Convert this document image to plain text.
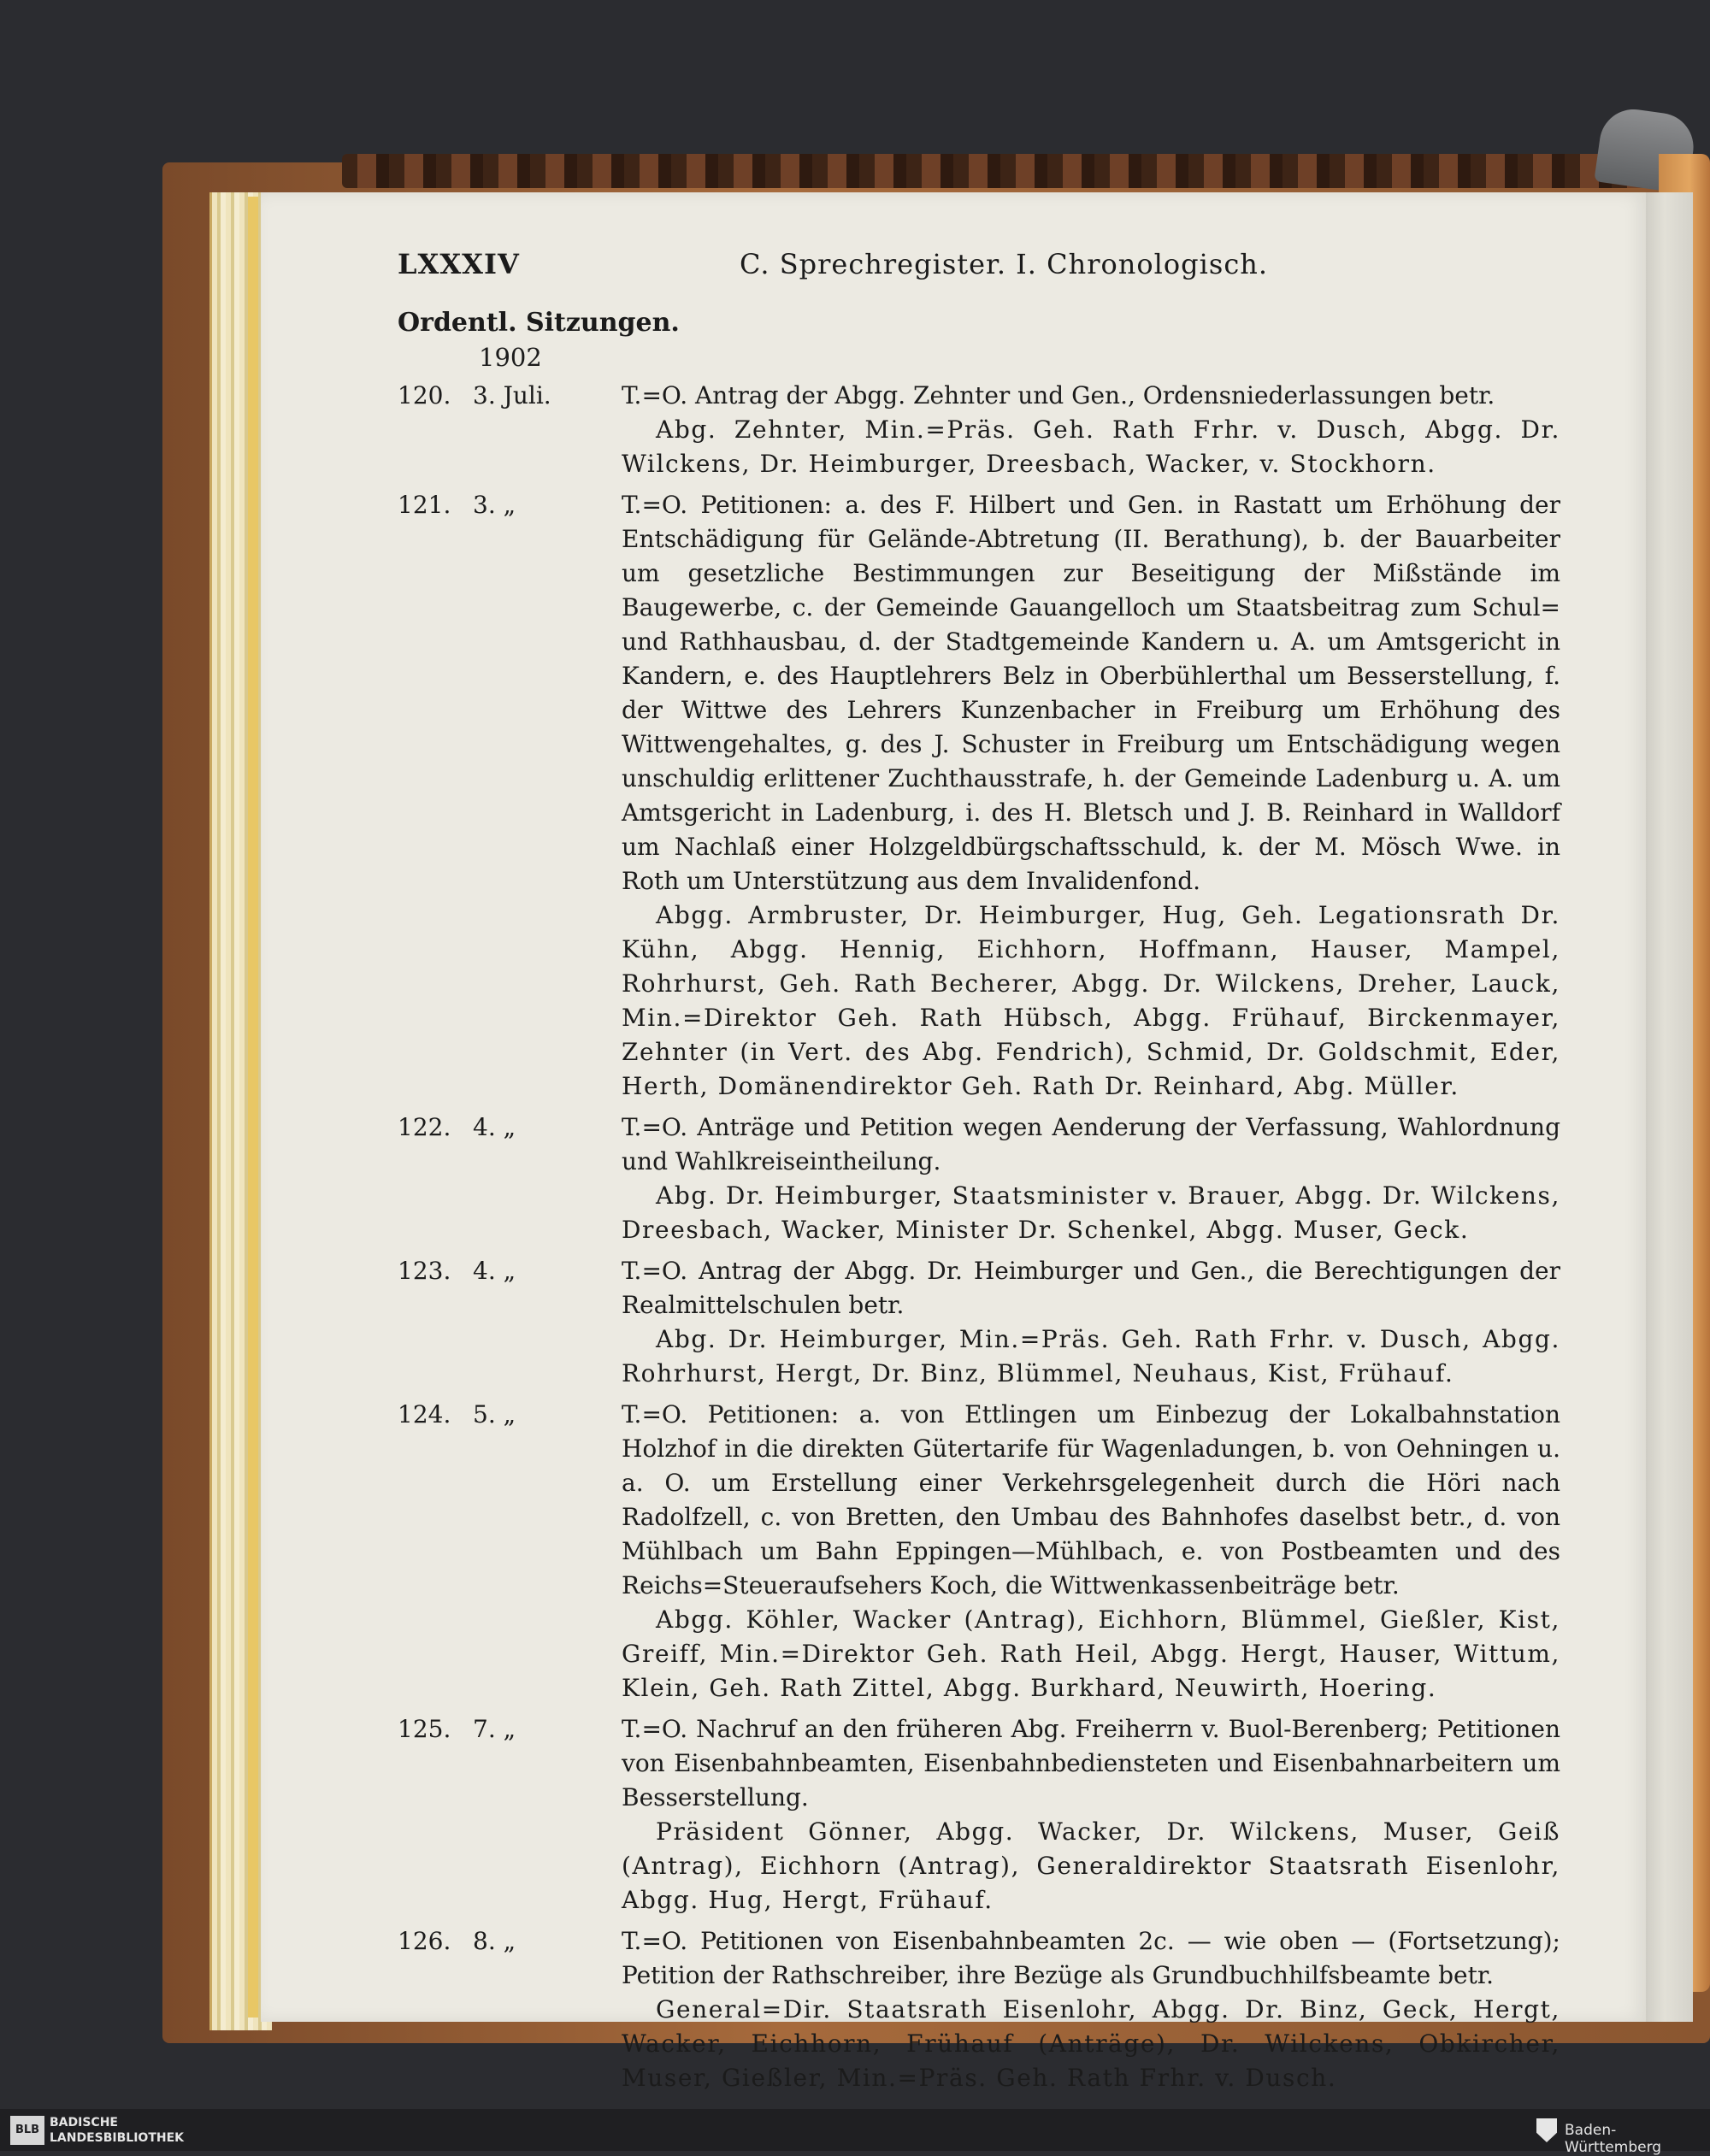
LXXXIV	C. Sprechregister. I. Chronologisch.
Ordentl. Sitzungen.
1902
120. 3. Juli.	T.=O. Antrag der Abgg. Zehnter und Gen., Ordensniederlassungen betr.
Abg. Zehnter, Min.=Präs. Geh. Rath Frhr. v. Dusch, Abgg. Dr. Wilckens, Dr. Heimburger, Dreesbach, Wacker, v. Stockhorn.
121. 3. „	T.=O. Petitionen: a. des F. Hilbert und Gen. in Rastatt um Erhöhung der Entschädigung für Gelände-Abtretung (II. Berathung), b. der Bauarbeiter um gesetzliche Bestimmungen zur Beseitigung der Mißstände im Baugewerbe, c. der Gemeinde Gauangelloch um Staatsbeitrag zum Schul= und Rathhausbau, d. der Stadtgemeinde Kandern u. A. um Amtsgericht in Kandern, e. des Hauptlehrers Belz in Oberbühlerthal um Besserstellung, f. der Wittwe des Lehrers Kunzenbacher in Freiburg um Erhöhung des Wittwengehaltes, g. des J. Schuster in Freiburg um Entschädigung wegen unschuldig erlittener Zuchthausstrafe, h. der Gemeinde Ladenburg u. A. um Amtsgericht in Ladenburg, i. des H. Bletsch und J. B. Reinhard in Walldorf um Nachlaß einer Holzgeldbürgschaftsschuld, k. der M. Mösch Wwe. in Roth um Unterstützung aus dem Invalidenfond.
Abgg. Armbruster, Dr. Heimburger, Hug, Geh. Legationsrath Dr. Kühn, Abgg. Hennig, Eichhorn, Hoffmann, Hauser, Mampel, Rohrhurst, Geh. Rath Becherer, Abgg. Dr. Wilckens, Dreher, Lauck, Min.=Direktor Geh. Rath Hübsch, Abgg. Frühauf, Birckenmayer, Zehnter (in Vert. des Abg. Fendrich), Schmid, Dr. Goldschmit, Eder, Herth, Domänendirektor Geh. Rath Dr. Reinhard, Abg. Müller.
122. 4. „	T.=O. Anträge und Petition wegen Aenderung der Verfassung, Wahlordnung und Wahlkreiseintheilung.
Abg. Dr. Heimburger, Staatsminister v. Brauer, Abgg. Dr. Wilckens, Dreesbach, Wacker, Minister Dr. Schenkel, Abgg. Muser, Geck.
123. 4. „	T.=O. Antrag der Abgg. Dr. Heimburger und Gen., die Berechtigungen der Realmittelschulen betr.
Abg. Dr. Heimburger, Min.=Präs. Geh. Rath Frhr. v. Dusch, Abgg. Rohrhurst, Hergt, Dr. Binz, Blümmel, Neuhaus, Kist, Frühauf.
124. 5. „	T.=O. Petitionen: a. von Ettlingen um Einbezug der Lokalbahnstation Holzhof in die direkten Gütertarife für Wagenladungen, b. von Oehningen u. a. O. um Erstellung einer Verkehrsgelegenheit durch die Höri nach Radolfzell, c. von Bretten, den Umbau des Bahnhofes daselbst betr., d. von Mühlbach um Bahn Eppingen—Mühlbach, e. von Postbeamten und des Reichs=Steueraufsehers Koch, die Wittwenkassenbeiträge betr.
Abgg. Köhler, Wacker (Antrag), Eichhorn, Blümmel, Gießler, Kist, Greiff, Min.=Direktor Geh. Rath Heil, Abgg. Hergt, Hauser, Wittum, Klein, Geh. Rath Zittel, Abgg. Burkhard, Neuwirth, Hoering.
125. 7. „	T.=O. Nachruf an den früheren Abg. Freiherrn v. Buol-Berenberg; Petitionen von Eisenbahnbeamten, Eisenbahnbediensteten und Eisenbahnarbeitern um Besserstellung.
Präsident Gönner, Abgg. Wacker, Dr. Wilckens, Muser, Geiß (Antrag), Eichhorn (Antrag), Generaldirektor Staatsrath Eisenlohr, Abgg. Hug, Hergt, Frühauf.
126. 8. „	T.=O. Petitionen von Eisenbahnbeamten 2c. — wie oben — (Fortsetzung); Petition der Rathschreiber, ihre Bezüge als Grundbuchhilfsbeamte betr.
General=Dir. Staatsrath Eisenlohr, Abgg. Dr. Binz, Geck, Hergt, Wacker, Eichhorn, Frühauf (Anträge), Dr. Wilckens, Obkircher, Muser, Gießler, Min.=Präs. Geh. Rath Frhr. v. Dusch.
BLB
BADISCHE
LANDESBIBLIOTHEK	Baden-Württemberg
